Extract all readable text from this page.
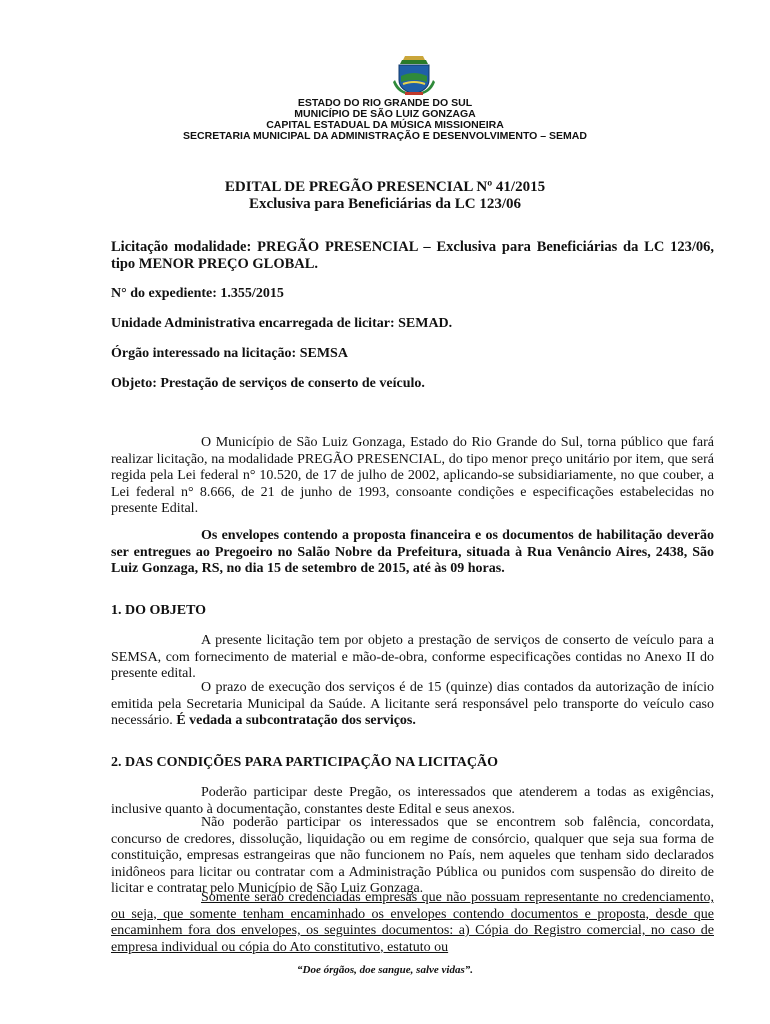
ESTADO DO RIO GRANDE DO SUL
MUNICÍPIO DE SÃO LUIZ GONZAGA
CAPITAL ESTADUAL DA MÚSICA MISSIONEIRA
SECRETARIA MUNICIPAL DA ADMINISTRAÇÃO E DESENVOLVIMENTO – SEMAD
EDITAL DE PREGÃO PRESENCIAL Nº 41/2015
Exclusiva para Beneficiárias da LC 123/06

Licitação modalidade: PREGÃO PRESENCIAL – Exclusiva para Beneficiárias da LC 123/06, tipo MENOR PREÇO GLOBAL.

N° do expediente: 1.355/2015

Unidade Administrativa encarregada de licitar: SEMAD.

Órgão interessado na licitação: SEMSA

Objeto: Prestação de serviços de conserto de veículo.

O Município de São Luiz Gonzaga, Estado do Rio Grande do Sul, torna público que fará realizar licitação, na modalidade PREGÃO PRESENCIAL, do tipo menor preço unitário por item, que será regida pela Lei federal n° 10.520, de 17 de julho de 2002, aplicando-se subsidiariamente, no que couber, a Lei federal n° 8.666, de 21 de junho de 1993, consoante condições e especificações estabelecidas no presente Edital.

Os envelopes contendo a proposta financeira e os documentos de habilitação deverão ser entregues ao Pregoeiro no Salão Nobre da Prefeitura, situada à Rua Venâncio Aires, 2438, São Luiz Gonzaga, RS, no dia 15 de setembro de 2015, até às 09 horas.

1. DO OBJETO

A presente licitação tem por objeto a prestação de serviços de conserto de veículo para a SEMSA, com fornecimento de material e mão-de-obra, conforme especificações contidas no Anexo II do presente edital.

O prazo de execução dos serviços é de 15 (quinze) dias contados da autorização de início emitida pela Secretaria Municipal da Saúde. A licitante será responsável pelo transporte do veículo caso necessário. É vedada a subcontratação dos serviços.

2. DAS CONDIÇÕES PARA PARTICIPAÇÃO NA LICITAÇÃO

Poderão participar deste Pregão, os interessados que atenderem a todas as exigências, inclusive quanto à documentação, constantes deste Edital e seus anexos.

Não poderão participar os interessados que se encontrem sob falência, concordata, concurso de credores, dissolução, liquidação ou em regime de consórcio, qualquer que seja sua forma de constituição, empresas estrangeiras que não funcionem no País, nem aqueles que tenham sido declarados inidôneos para licitar ou contratar com a Administração Pública ou punidos com suspensão do direito de licitar e contratar pelo Município de São Luiz Gonzaga.

Somente serão credenciadas empresas que não possuam representante no credenciamento, ou seja, que somente tenham encaminhado os envelopes contendo documentos e proposta, desde que encaminhem fora dos envelopes, os seguintes documentos: a) Cópia do Registro comercial, no caso de empresa individual ou cópia do Ato constitutivo, estatuto ou

“Doe órgãos, doe sangue, salve vidas”.
